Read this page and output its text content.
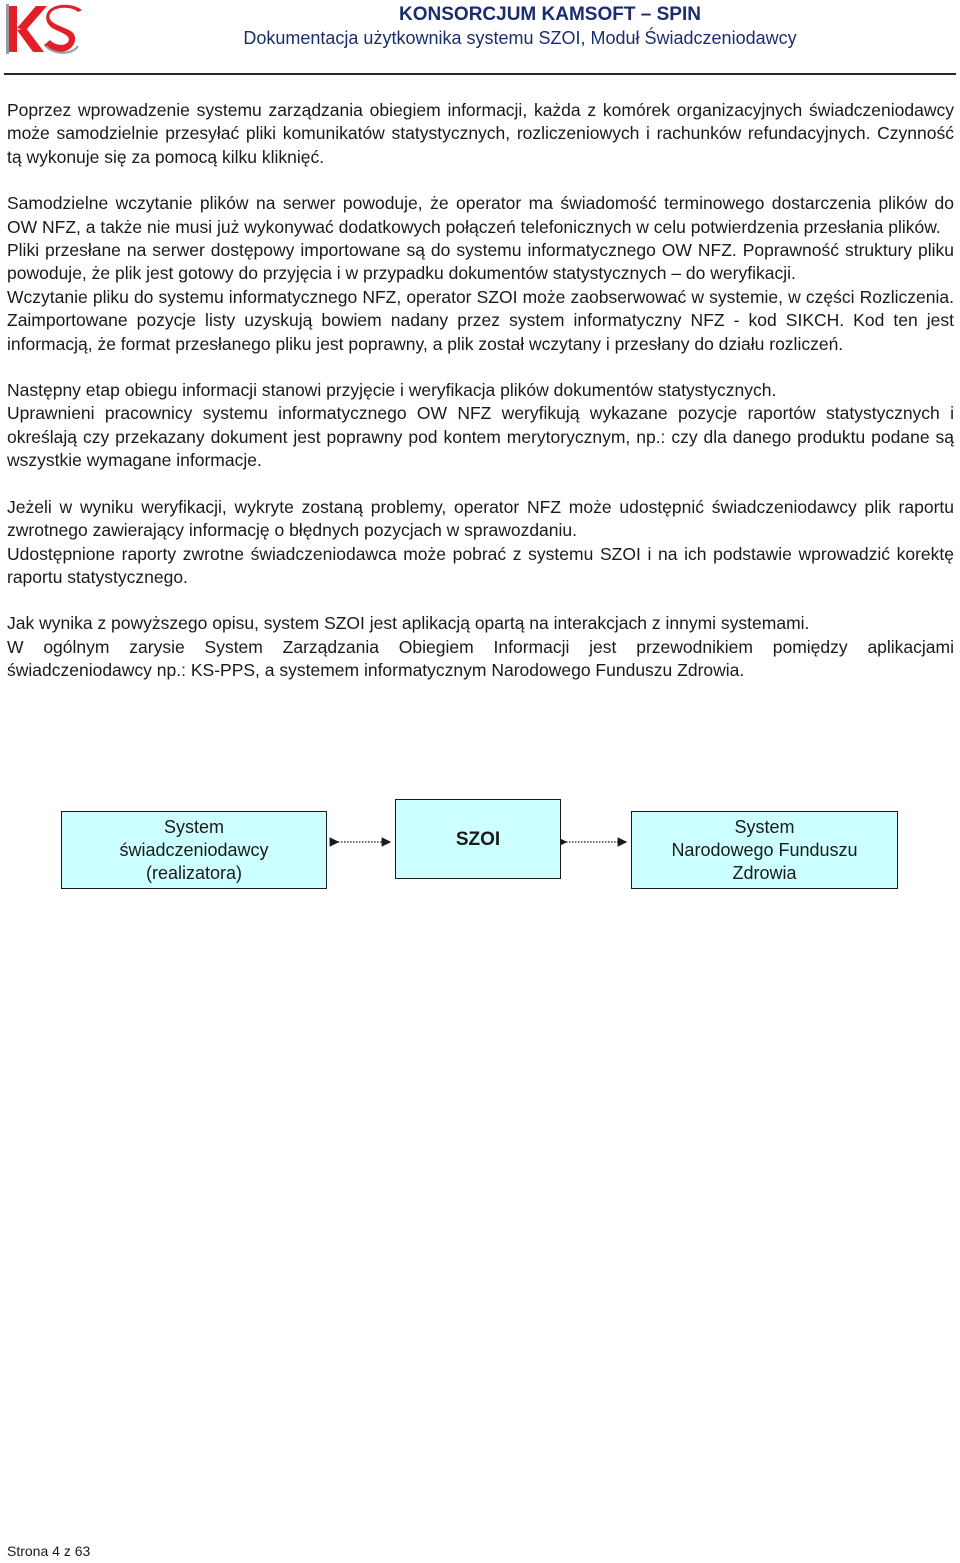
KONSORCJUM KAMSOFT – SPIN
Dokumentacja użytkownika systemu SZOI, Moduł Świadczeniodawcy

Poprzez wprowadzenie systemu zarządzania obiegiem informacji, każda z komórek organizacyjnych świadczeniodawcy może samodzielnie przesyłać pliki komunikatów statystycznych, rozliczeniowych i rachunków refundacyjnych. Czynność tą wykonuje się za pomocą kilku kliknięć.

Samodzielne wczytanie plików na serwer powoduje, że operator ma świadomość terminowego dostarczenia plików do OW NFZ, a także nie musi już wykonywać dodatkowych połączeń telefonicznych w celu potwierdzenia przesłania plików.

Pliki przesłane na serwer dostępowy importowane są do systemu informatycznego OW NFZ. Poprawność struktury pliku powoduje, że plik jest gotowy do przyjęcia i w przypadku dokumentów statystycznych – do weryfikacji.

Wczytanie pliku do systemu informatycznego NFZ, operator SZOI może zaobserwować w systemie, w części Rozliczenia. Zaimportowane pozycje listy uzyskują bowiem nadany przez system informatyczny NFZ - kod SIKCH. Kod ten jest informacją, że format przesłanego pliku jest poprawny, a plik został wczytany i przesłany do działu rozliczeń.

Następny etap obiegu informacji stanowi przyjęcie i weryfikacja plików dokumentów statystycznych.

Uprawnieni pracownicy systemu informatycznego OW NFZ weryfikują wykazane pozycje raportów statystycznych i określają czy przekazany dokument jest poprawny pod kontem merytorycznym, np.: czy dla danego produktu podane są wszystkie wymagane informacje.

Jeżeli w wyniku weryfikacji, wykryte zostaną problemy, operator NFZ może udostępnić świadczeniodawcy plik raportu zwrotnego zawierający informację o błędnych pozycjach w sprawozdaniu.

Udostępnione raporty zwrotne świadczeniodawca może pobrać z systemu SZOI i na ich podstawie wprowadzić korektę raportu statystycznego.

Jak wynika z powyższego opisu, system SZOI jest aplikacją opartą na interakcjach z innymi systemami.

W ogólnym zarysie System Zarządzania Obiegiem Informacji jest przewodnikiem pomiędzy aplikacjami świadczeniodawcy np.: KS-PPS, a systemem informatycznym Narodowego Funduszu Zdrowia.

System
świadczeniodawcy
(realizatora)
SZOI
System
Narodowego Funduszu
Zdrowia
Strona 4 z 63
